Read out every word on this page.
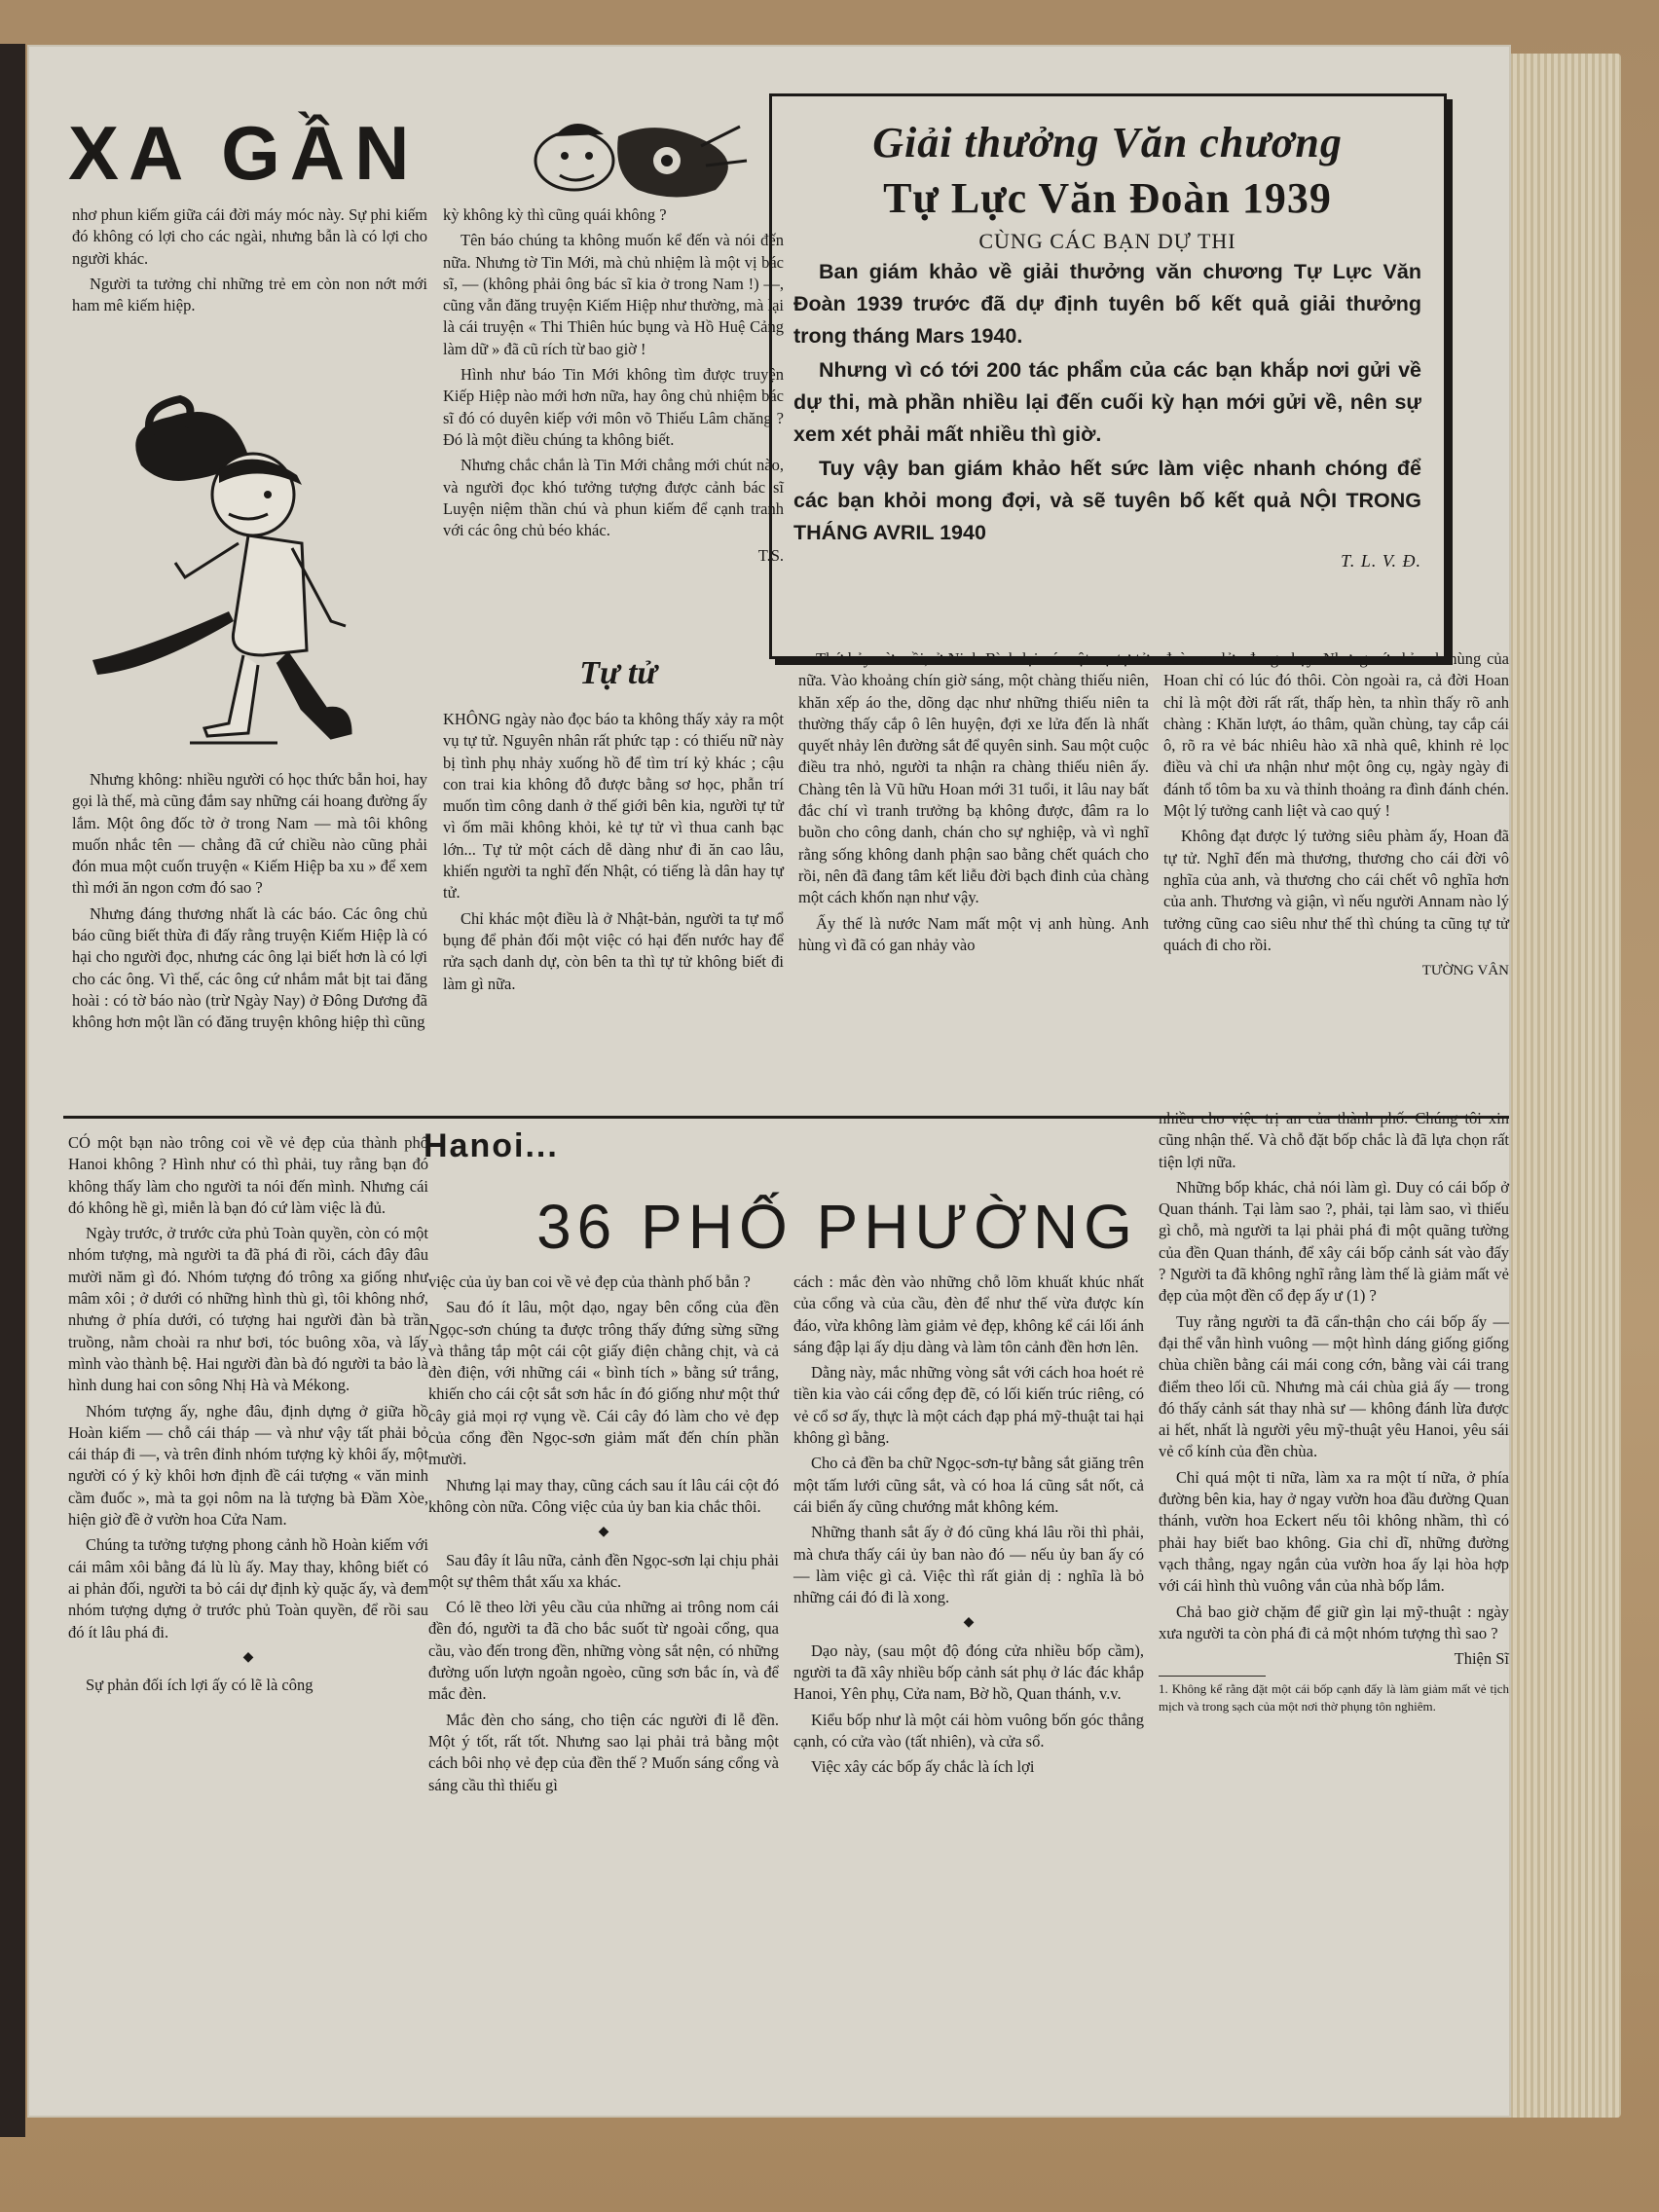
XA GẦN

nhơ phun kiếm giữa cái đời máy móc này. Sự phi kiếm đó không có lợi cho các ngài, nhưng bẫn là có lợi cho người khác.

Người ta tưởng chỉ những trẻ em còn non nớt mới ham mê kiếm hiệp.

Nhưng không: nhiều người có học thức bẫn hoi, hay gọi là thế, mà cũng đắm say những cái hoang đường ấy lắm. Một ông đốc tờ ở trong Nam — mà tôi không muốn nhắc tên — chẳng đã cứ chiều nào cũng phải đón mua một cuốn truyện « Kiếm Hiệp ba xu » để xem thì mới ăn ngon cơm đó sao ?

Nhưng đáng thương nhất là các báo. Các ông chủ báo cũng biết thừa đi đấy rằng truyện Kiếm Hiệp là có hại cho người đọc, nhưng các ông lại biết hơn là có lợi cho các ông. Vì thế, các ông cứ nhắm mắt bịt tai đăng hoài : có tờ báo nào (trừ Ngày Nay) ở Đông Dương đã không hơn một lần có đăng truyện không hiệp thì cũng

kỳ không kỳ thì cũng quái không ?

Tên báo chúng ta không muốn kể đến và nói đến nữa. Nhưng tờ Tin Mới, mà chủ nhiệm là một vị bác sĩ, — (không phải ông bác sĩ kia ở trong Nam !) —, cũng vẫn đăng truyện Kiếm Hiệp như thường, mà lại là cái truyện « Thi Thiên húc bụng và Hồ Huệ Cảng làm dữ » đã cũ rích từ bao giờ !

Hình như báo Tin Mới không tìm được truyện Kiếp Hiệp nào mới hơn nữa, hay ông chủ nhiệm bác sĩ đó có duyên kiếp với môn võ Thiếu Lâm chăng ? Đó là một điều chúng ta không biết.

Nhưng chắc chắn là Tin Mới chẳng mới chút nào, và người đọc khó tưởng tượng được cảnh bác sĩ Luyện niệm thần chú và phun kiếm để cạnh tranh với các ông chủ béo khác.

T.S.
Giải thưởng Văn chương
Tự Lực Văn Đoàn 1939
CÙNG CÁC BẠN DỰ THI

Ban giám khảo về giải thưởng văn chương Tự Lực Văn Đoàn 1939 trước đã dự định tuyên bố kết quả giải thưởng trong tháng Mars 1940.

Nhưng vì có tới 200 tác phẩm của các bạn khắp nơi gửi về dự thi, mà phần nhiều lại đến cuối kỳ hạn mới gửi về, nên sự xem xét phải mất nhiều thì giờ.

Tuy vậy ban giám khảo hết sức làm việc nhanh chóng để các bạn khỏi mong đợi, và sẽ tuyên bố kết quả NỘI TRONG THÁNG AVRIL 1940

T. L. V. Đ.
Tự tử

KHÔNG ngày nào đọc báo ta không thấy xảy ra một vụ tự tử. Nguyên nhân rất phức tạp : có thiếu nữ này bị tình phụ nhảy xuống hồ để tìm trí kỷ khác ; cậu con trai kia không đỗ được bằng sơ học, phẫn trí muốn tìm công danh ở thế giới bên kia, người tự tử vì ốm mãi không khỏi, kẻ tự tử vì thua canh bạc lớn... Tự tử một cách dễ dàng như đi ăn cao lâu, khiến người ta nghĩ đến Nhật, có tiếng là dân hay tự tử.

Chỉ khác một điều là ở Nhật-bản, người ta tự mổ bụng để phản đối một việc có hại đến nước hay để rửa sạch danh dự, còn bên ta thì tự tử không biết đi làm gì nữa.

Thứ bảy vừa rồi, ở Ninh-Bình lại có một vụ tự tử nữa. Vào khoảng chín giờ sáng, một chàng thiếu niên, khăn xếp áo the, dõng dạc như những thiếu niên ta thường thấy cắp ô lên huyện, đợi xe lửa đến là nhất quyết nhảy lên đường sắt để quyên sinh. Sau một cuộc điều tra nhỏ, người ta nhận ra chàng thiếu niên ấy. Chàng tên là Vũ hữu Hoan mới 31 tuổi, it lâu nay bất đắc chí vì tranh trưởng bạ không được, đâm ra lo buồn cho công danh, chán cho sự nghiệp, và vì nghĩ rằng sống không danh phận sao bằng chết quách cho rồi, nên đã đang tâm kết liễu đời bạch đinh của chàng một cách khốn nạn như vậy.

Ấy thế là nước Nam mất một vị anh hùng. Anh hùng vì đã có gan nhảy vào

đoàn xe lửa đang chạy. Nhưng cứ chỉ anh hùng của Hoan chỉ có lúc đó thôi. Còn ngoài ra, cả đời Hoan chỉ là một đời rất rất, thấp hèn, ta nhìn thấy rõ anh chàng : Khăn lượt, áo thâm, quần chùng, tay cắp cái ô, rõ ra vẻ bác nhiêu hào xã nhà quê, khinh rẻ lọc điều và chỉ ưa nhận như một ông cụ, ngày ngày đi đánh tổ tôm ba xu và thỉnh thoảng ra đình đánh chén. Một lý tưởng canh liệt và cao quý !

Không đạt được lý tưởng siêu phàm ấy, Hoan đã tự tử. Nghĩ đến mà thương, thương cho cái đời vô nghĩa của anh, và thương cho cái chết vô nghĩa hơn của anh. Thương và giận, vì nếu người Annam nào lý tưởng cũng cao siêu như thế thì chúng ta cũng tự tử quách đi cho rồi.

TƯỜNG VÂN

CÓ một bạn nào trông coi về vẻ đẹp của thành phố Hanoi không ? Hình như có thì phải, tuy rằng bạn đó không thấy làm cho người ta nói đến mình. Nhưng cái đó không hề gì, miễn là bạn đó cứ làm việc là đủ.

Ngày trước, ở trước cửa phủ Toàn quyền, còn có một nhóm tượng, mà người ta đã phá đi rồi, cách đây đâu mười năm gì đó. Nhóm tượng đó trông xa giống như mâm xôi ; ở dưới có những hình thù gì, tôi không nhớ, nhưng ở phía dưới, có tượng hai người đàn bà trần truồng, nằm choài ra như bơi, tóc buông xõa, và lấy mình vào thành bệ. Hai người đàn bà đó người ta bảo là hình dung hai con sông Nhị Hà và Mékong.

Nhóm tượng ấy, nghe đâu, định dựng ở giữa hồ Hoàn kiếm — chỗ cái tháp — và như vậy tất phải bỏ cái tháp đi —, và trên đỉnh nhóm tượng kỳ khôi ấy, một người có ý kỳ khôi hơn định đề cái tượng « văn minh cầm đuốc », mà ta gọi nôm na là tượng bà Đầm Xòe, hiện giờ đề ở vườn hoa Cửa Nam.

Chúng ta tưởng tượng phong cảnh hồ Hoàn kiếm với cái mâm xôi bằng đá lù lù ấy. May thay, không biết có ai phản đối, người ta bỏ cái dự định kỳ quặc ấy, và đem nhóm tượng dựng ở trước phủ Toàn quyền, để rồi sau đó ít lâu phá đi.

◆

Sự phản đối ích lợi ấy có lẽ là công

Hanoi...
36 PHỐ PHƯỜNG

việc của ủy ban coi về vẻ đẹp của thành phố bẫn ?

Sau đó ít lâu, một dạo, ngay bên cổng của đền Ngọc-sơn chúng ta được trông thấy đứng sừng sững và thẳng tắp một cái cột giấy điện chằng chịt, và cả đèn điện, với những cái « bình tích » bằng sứ trắng, khiến cho cái cột sắt sơn hắc ín đó giống như một thứ cây giả mọi rợ vụng về. Cái cây đó làm cho vẻ đẹp của cổng đền Ngọc-sơn giảm mất đến chín phần mười.

Nhưng lại may thay, cũng cách sau ít lâu cái cột đó không còn nữa. Công việc của ủy ban kia chắc thôi.

◆

Sau đây ít lâu nữa, cảnh đền Ngọc-sơn lại chịu phải một sự thêm thắt xấu xa khác.

Có lẽ theo lời yêu cầu của những ai trông nom cái đền đó, người ta đã cho bắc suốt từ ngoài cổng, qua cầu, vào đến trong đền, những vòng sắt nện, có những đường uốn lượn ngoằn ngoèo, cũng sơn bắc ín, và để mắc đèn.

Mắc đèn cho sáng, cho tiện các người đi lễ đền. Một ý tốt, rất tốt. Nhưng sao lại phải trả bằng một cách bôi nhọ vẻ đẹp của đền thế ? Muốn sáng cổng và sáng cầu thì thiếu gì

cách : mắc đèn vào những chỗ lõm khuất khúc nhất của cổng và của cầu, đèn để như thế vừa được kín đáo, vừa không làm giảm vẻ đẹp, không kể cái lối ánh sáng đập lại ấy dịu dàng và làm tôn cảnh đền hơn lên.

Dằng này, mắc những vòng sắt với cách hoa hoét rẻ tiền kia vào cái cổng đẹp đẽ, có lối kiến trúc riêng, có vẻ cổ sơ ấy, thực là một cách đạp phá mỹ-thuật tai hại không gì bằng.

Cho cả đền ba chữ Ngọc-sơn-tự bằng sắt giăng trên một tấm lưới cũng sắt, và có hoa lá cũng sắt nốt, cả cái biển ấy cũng chướng mắt không kém.

Những thanh sắt ấy ở đó cũng khá lâu rồi thì phải, mà chưa thấy cái ủy ban nào đó — nếu ủy ban ấy có — làm việc gì cả. Việc thì rất giản dị : nghĩa là bỏ những cái đó đi là xong.

◆

Dạo này, (sau một độ đóng cửa nhiều bốp cầm), người ta đã xây nhiều bốp cảnh sát phụ ở lác đác khắp Hanoi, Yên phụ, Cửa nam, Bờ hồ, Quan thánh, v.v.

Kiểu bốp như là một cái hòm vuông bốn góc thẳng cạnh, có cửa vào (tất nhiên), và cửa sổ.

Việc xây các bốp ấy chắc là ích lợi

nhiều cho việc trị an của thành phố. Chúng tôi xin cũng nhận thế. Và chỗ đặt bốp chắc là đã lựa chọn rất tiện lợi nữa.

Những bốp khác, chả nói làm gì. Duy có cái bốp ở Quan thánh. Tại làm sao ?, phải, tại làm sao, vì thiếu gì chỗ, mà người ta lại phải phá đi một quãng tường của đền Quan thánh, để xây cái bốp cảnh sát vào đấy ? Người ta đã không nghĩ rằng làm thế là giảm mất vẻ đẹp của một đền cổ đẹp ấy ư (1) ?

Tuy rằng người ta đã cẩn-thận cho cái bốp ấy — đại thể vẫn hình vuông — một hình dáng giống giống chùa chiền bằng cái mái cong cớn, bằng vài cái trang điểm theo lối cũ. Nhưng mà cái chùa giả ấy — trong đó thấy cảnh sát thay nhà sư — không đánh lừa được ai hết, nhất là người yêu mỹ-thuật yêu Hanoi, yêu sái vẻ cổ kính của đền chùa.

Chỉ quá một ti nữa, làm xa ra một tí nữa, ở phía đường bên kia, hay ở ngay vườn hoa đầu đường Quan thánh, vườn hoa Eckert nếu tôi không nhầm, thì có phải hay biết bao không. Gia chỉ dĩ, những đường vạch thẳng, ngay ngắn của vườn hoa ấy lại hòa hợp với cái hình thù vuông vắn của nhà bốp lắm.

Chả bao giờ chặm để giữ gìn lại mỹ-thuật : ngày xưa người ta còn phá đi cả một nhóm tượng thì sao ?

Thiện Sĩ
1. Không kể rằng đặt một cái bốp cạnh đấy là làm giảm mất vẻ tịch mịch và trong sạch của một nơi thờ phụng tôn nghiêm.
